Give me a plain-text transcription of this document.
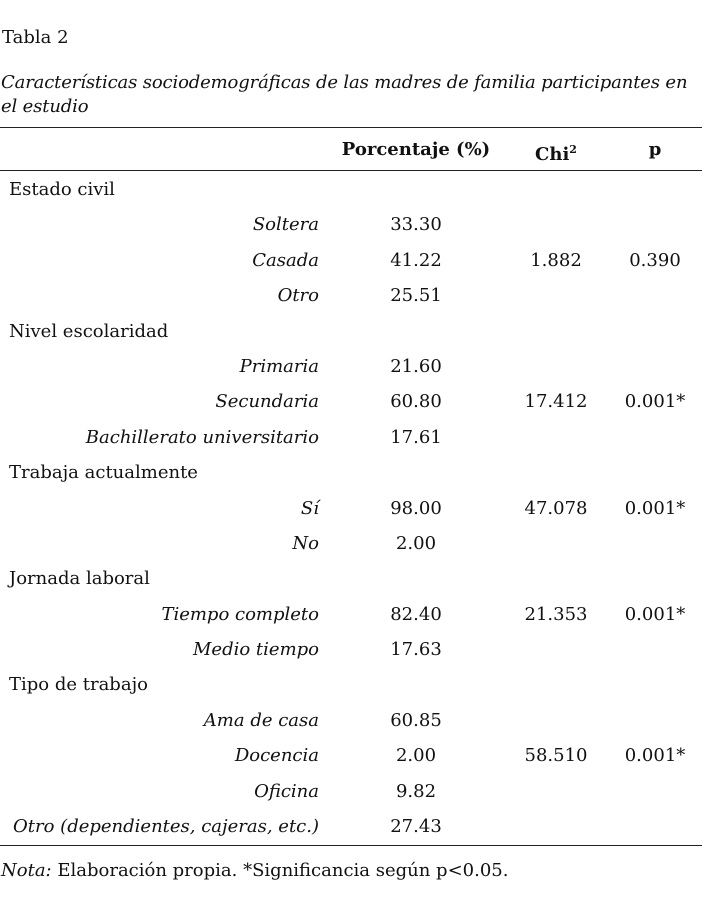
Tabla 2
Características sociodemográficas de las madres de familia participantes en el estudio
Porcentaje (%)	Chi$^2$	p
Estado civil
Soltera	33.30
Casada	41.22	1.882	0.390
Otro	25.51
Nivel escolaridad
Primaria	21.60
Secundaria	60.80	17.412	0.001*
Bachillerato universitario	17.61
Trabaja actualmente
Sí	98.00	47.078	0.001*
No	2.00
Jornada laboral
Tiempo completo	82.40	21.353	0.001*
Medio tiempo	17.63
Tipo de trabajo
Ama de casa	60.85
Docencia	2.00	58.510	0.001*
Oficina	9.82
Otro (dependientes, cajeras, etc.)	27.43
Nota: Elaboración propia. *Significancia según p<0.05.
